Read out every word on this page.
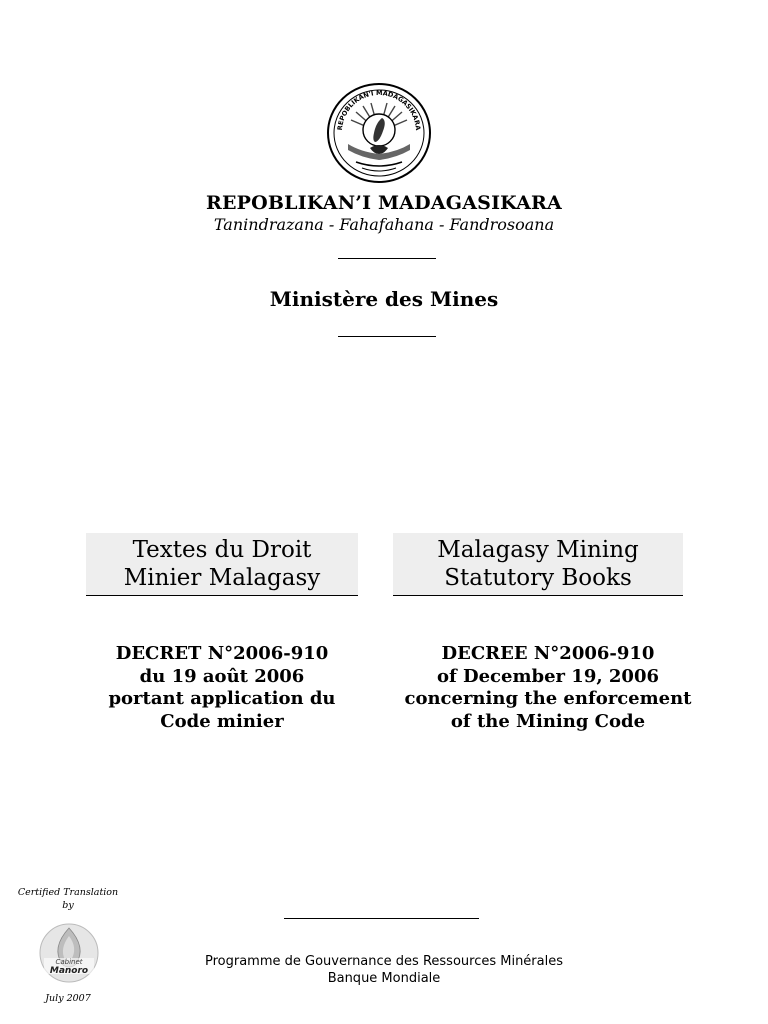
REPOBLIKAN'I MADAGASIKARA
REPOBLIKAN’I MADAGASIKARA
Tanindrazana - Fahafahana - Fandrosoana
Ministère des Mines
Textes du Droit
Minier Malagasy
Malagasy Mining
Statutory Books
DECRET N°2006-910
du 19 août 2006
portant application du
Code minier
DECREE N°2006-910
of December 19, 2006
concerning the enforcement
of the Mining Code
Certified Translation
by
Cabinet
Manoro
July 2007
Programme de Gouvernance des Ressources Minérales
Banque Mondiale
